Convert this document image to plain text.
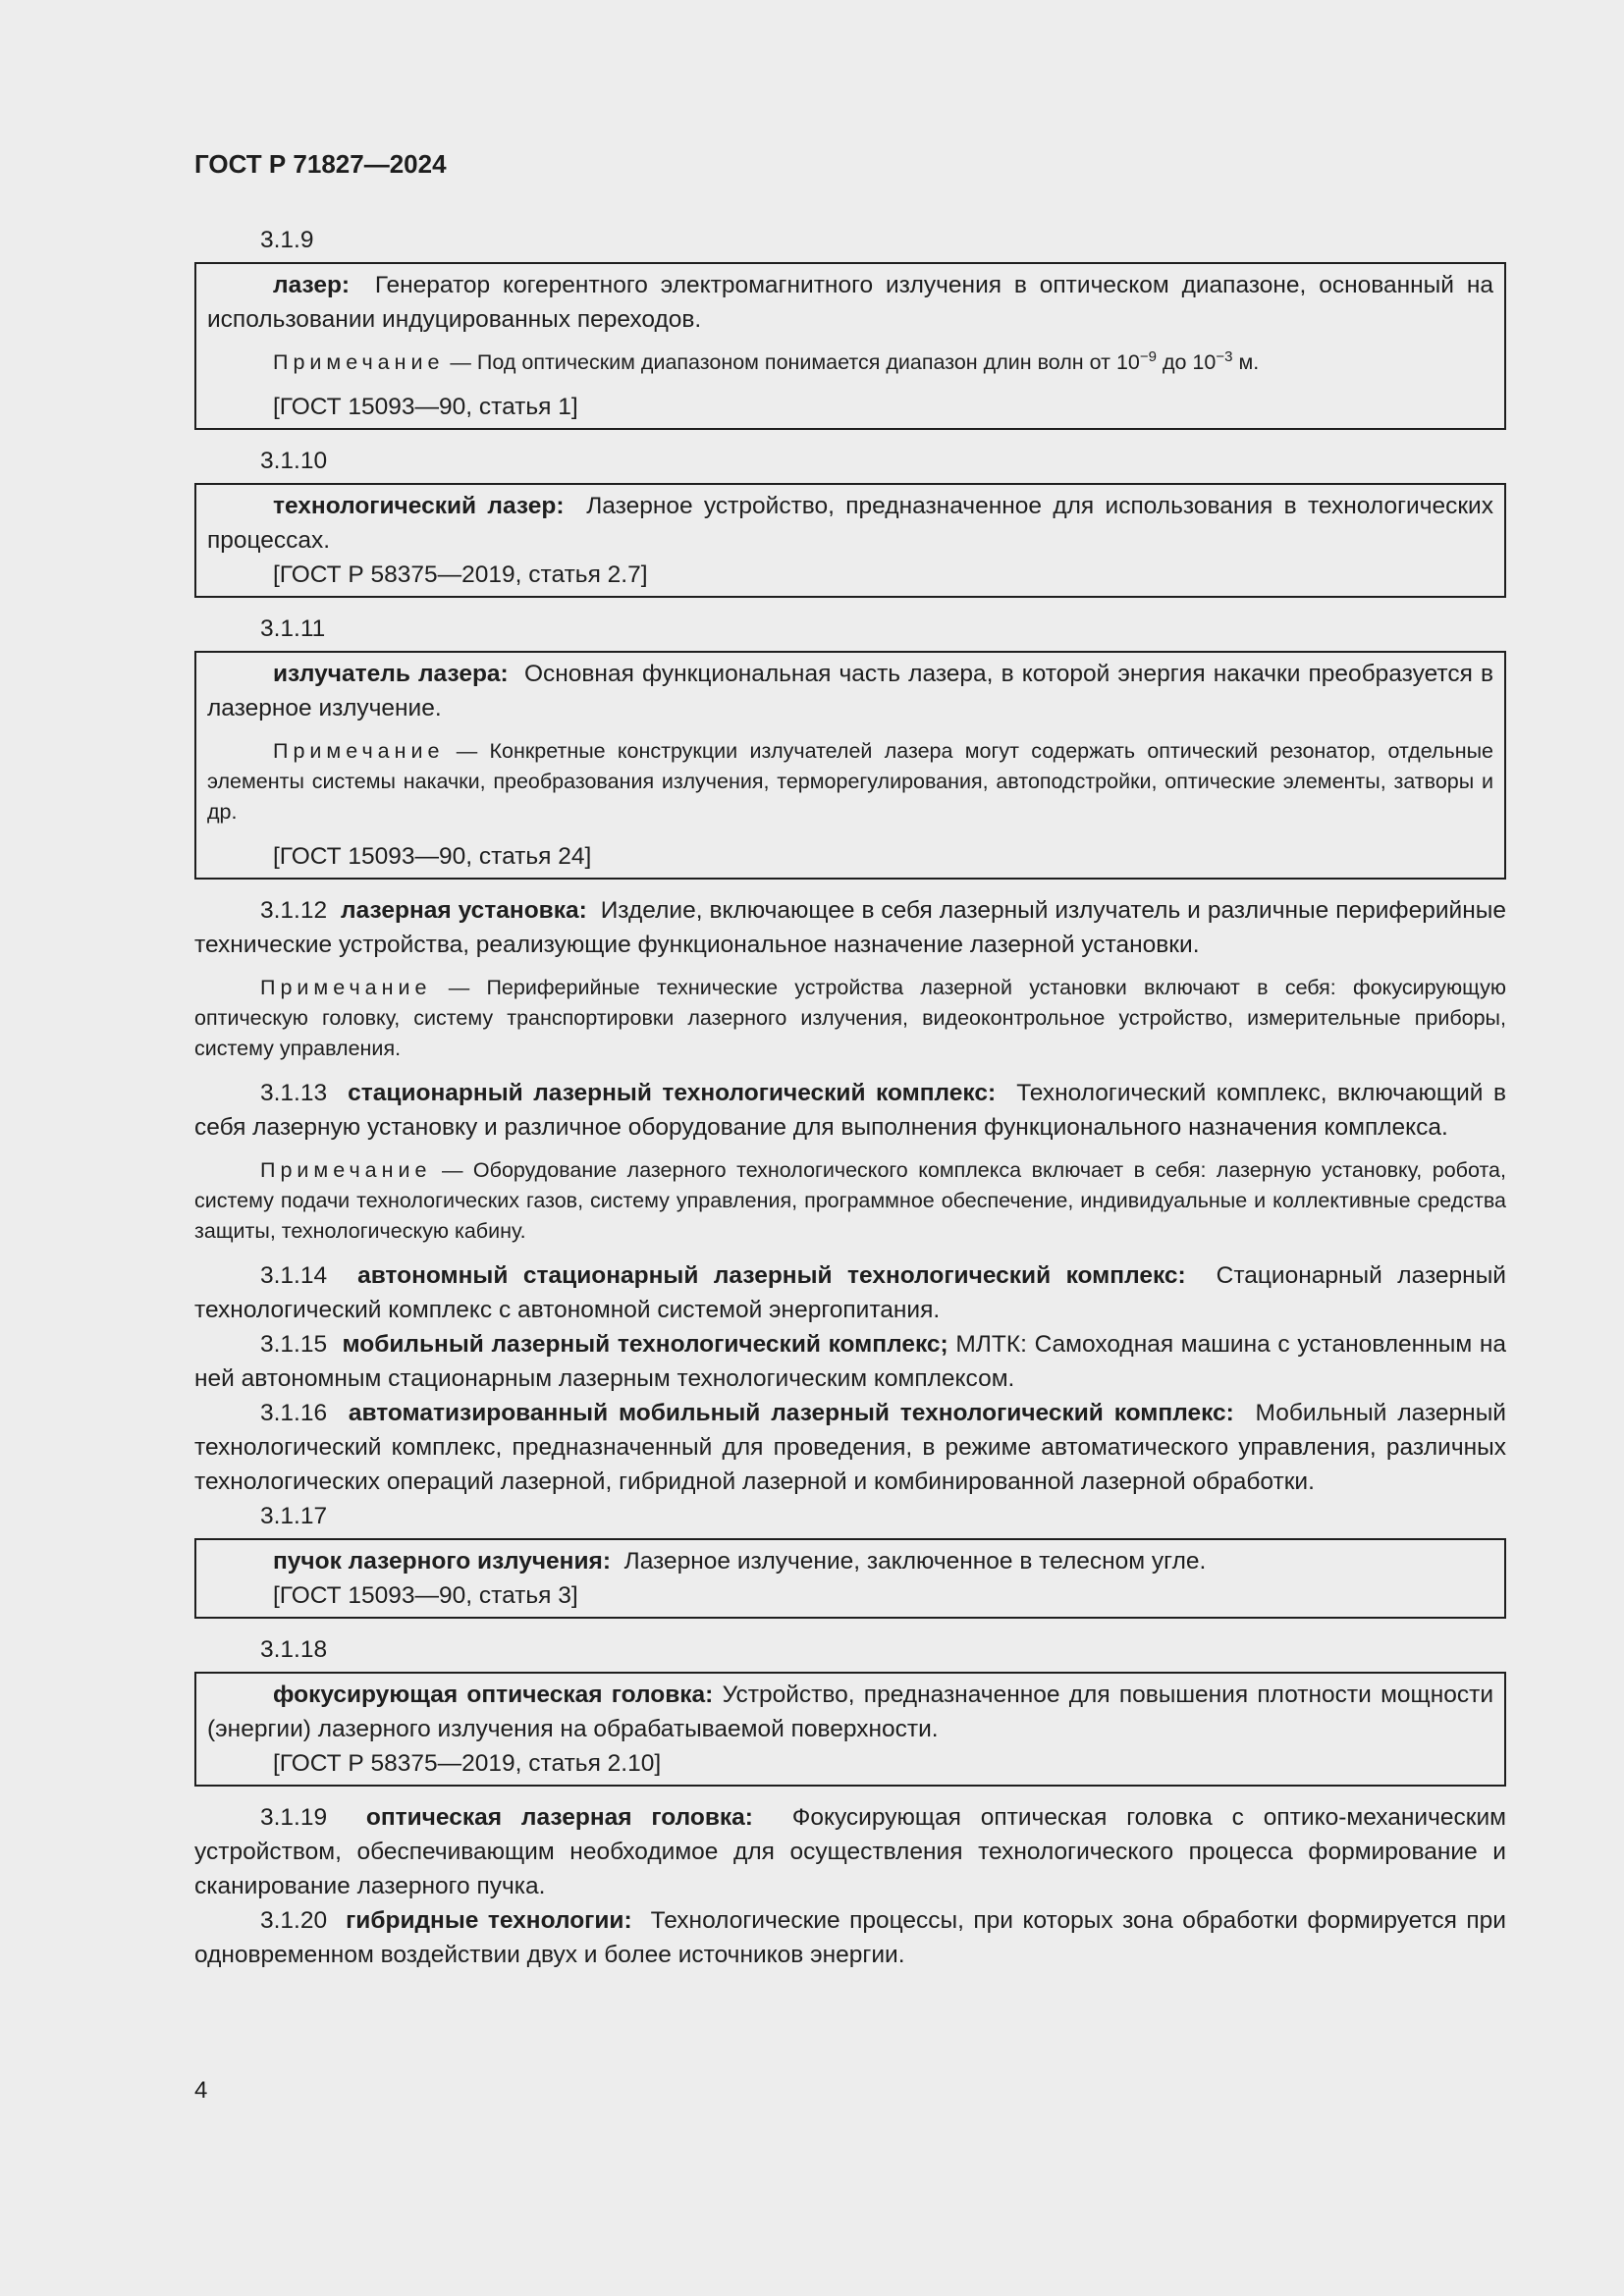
ГОСТ Р 71827—2024

3.1.9

лазер: Генератор когерентного электромагнитного излучения в оптическом диапазоне, основанный на использовании индуцированных переходов.

Примечание — Под оптическим диапазоном понимается диапазон длин волн от $10^{-9}$ до $10^{-3}$ м.

[ГОСТ 15093—90, статья 1]

3.1.10

технологический лазер: Лазерное устройство, предназначенное для использования в технологических процессах.

[ГОСТ Р 58375—2019, статья 2.7]

3.1.11

излучатель лазера: Основная функциональная часть лазера, в которой энергия накачки преобразуется в лазерное излучение.

Примечание — Конкретные конструкции излучателей лазера могут содержать оптический резонатор, отдельные элементы системы накачки, преобразования излучения, терморегулирования, автоподстройки, оптические элементы, затворы и др.

[ГОСТ 15093—90, статья 24]

3.1.12 лазерная установка: Изделие, включающее в себя лазерный излучатель и различные периферийные технические устройства, реализующие функциональное назначение лазерной установки.

Примечание — Периферийные технические устройства лазерной установки включают в себя: фокусирующую оптическую головку, систему транспортировки лазерного излучения, видеоконтрольное устройство, измерительные приборы, систему управления.

3.1.13 стационарный лазерный технологический комплекс: Технологический комплекс, включающий в себя лазерную установку и различное оборудование для выполнения функционального назначения комплекса.

Примечание — Оборудование лазерного технологического комплекса включает в себя: лазерную установку, робота, систему подачи технологических газов, систему управления, программное обеспечение, индивидуальные и коллективные средства защиты, технологическую кабину.

3.1.14 автономный стационарный лазерный технологический комплекс: Стационарный лазерный технологический комплекс с автономной системой энергопитания.

3.1.15 мобильный лазерный технологический комплекс; МЛТК: Самоходная машина с установленным на ней автономным стационарным лазерным технологическим комплексом.

3.1.16 автоматизированный мобильный лазерный технологический комплекс: Мобильный лазерный технологический комплекс, предназначенный для проведения, в режиме автоматического управления, различных технологических операций лазерной, гибридной лазерной и комбинированной лазерной обработки.

3.1.17

пучок лазерного излучения: Лазерное излучение, заключенное в телесном угле.

[ГОСТ 15093—90, статья 3]

3.1.18

фокусирующая оптическая головка: Устройство, предназначенное для повышения плотности мощности (энергии) лазерного излучения на обрабатываемой поверхности.

[ГОСТ Р 58375—2019, статья 2.10]

3.1.19 оптическая лазерная головка: Фокусирующая оптическая головка с оптико-механическим устройством, обеспечивающим необходимое для осуществления технологического процесса формирование и сканирование лазерного пучка.

3.1.20 гибридные технологии: Технологические процессы, при которых зона обработки формируется при одновременном воздействии двух и более источников энергии.

4
